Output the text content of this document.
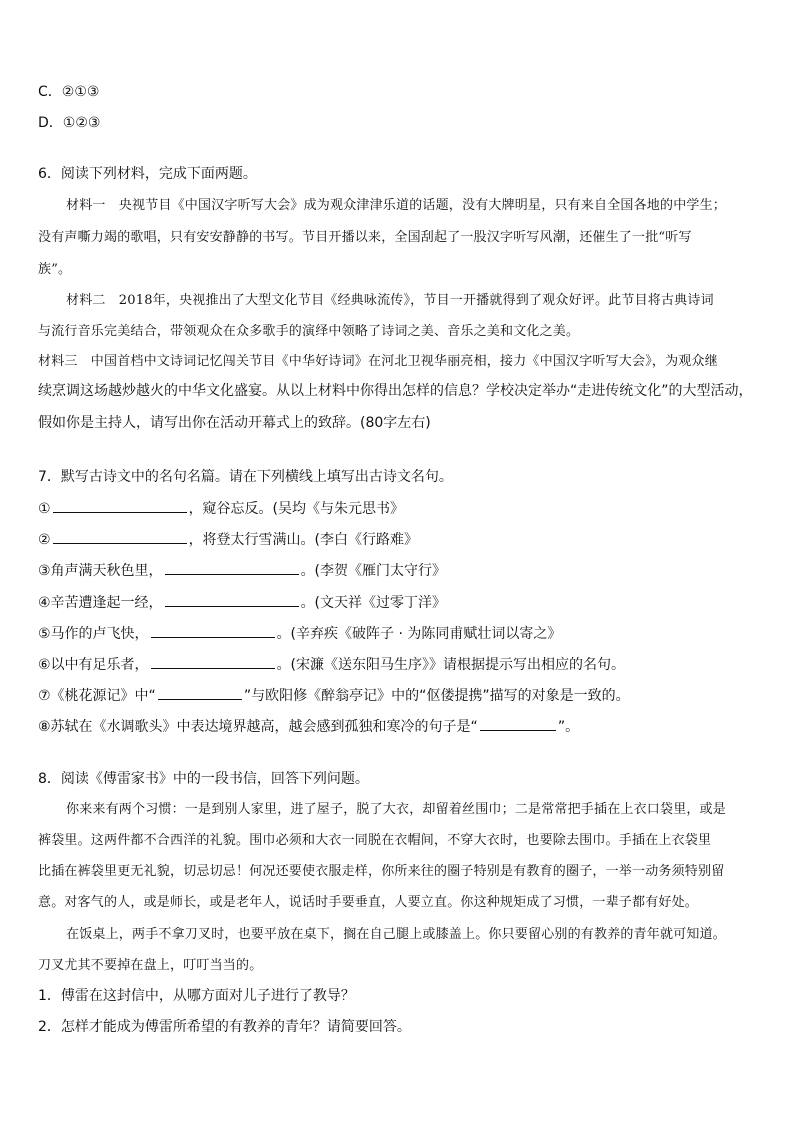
C．②①③
D．①②③
6．阅读下列材料，完成下面两题。
材料一　央视节目《中国汉字听写大会》成为观众津津乐道的话题，没有大牌明星，只有来自全国各地的中学生；
没有声嘶力竭的歌唱，只有安安静静的书写。节目开播以来，全国刮起了一股汉字听写风潮，还催生了一批“听写
族”。
材料二　2018年，央视推出了大型文化节目《经典咏流传》，节目一开播就得到了观众好评。此节目将古典诗词
与流行音乐完美结合，带领观众在众多歌手的演绎中领略了诗词之美、音乐之美和文化之美。
材料三　中国首档中文诗词记忆闯关节目《中华好诗词》在河北卫视华丽亮相，接力《中国汉字听写大会》，为观众继
续烹调这场越炒越火的中华文化盛宴。从以上材料中你得出怎样的信息？学校决定举办“走进传统文化”的大型活动，
假如你是主持人，请写出你在活动开幕式上的致辞。(80字左右)
7．默写古诗文中的名句名篇。请在下列横线上填写出古诗文名句。
①	，窥谷忘反。(吴均《与朱元思书》
②	，将登太行雪满山。(李白《行路难》
③角声满天秋色里，	。(李贺《雁门太守行》
④辛苦遭逢起一经，	。(文天祥《过零丁洋》
⑤马作的卢飞快，	。(辛弃疾《破阵子 · 为陈同甫赋壮词以寄之》
⑥以中有足乐者，	。(宋濂《送东阳马生序》》请根据提示写出相应的名句。
⑦《桃花源记》中“	”与欧阳修《醉翁亭记》中的“伛偻提携”描写的对象是一致的。
⑧苏轼在《水调歌头》中表达境界越高，越会感到孤独和寒冷的句子是“	”。
8．阅读《傅雷家书》中的一段书信，回答下列问题。
你来来有两个习惯：一是到别人家里，进了屋子，脱了大衣，却留着丝围巾；二是常常把手插在上衣口袋里，或是
裤袋里。这两件都不合西洋的礼貌。围巾必须和大衣一同脱在衣帽间，不穿大衣时，也要除去围巾。手插在上衣袋里
比插在裤袋里更无礼貌，切忌切忌！何况还要使衣服走样，你所来往的圈子特别是有教育的圈子，一举一动务须特别留
意。对客气的人，或是师长，或是老年人，说话时手要垂直，人要立直。你这种规矩成了习惯，一辈子都有好处。
在饭桌上，两手不拿刀叉时，也要平放在桌下，搁在自己腿上或膝盖上。你只要留心别的有教养的青年就可知道。
刀叉尤其不要掉在盘上，叮叮当当的。
1．傅雷在这封信中，从哪方面对儿子进行了教导？
2．怎样才能成为傅雷所希望的有教养的青年？请简要回答。
